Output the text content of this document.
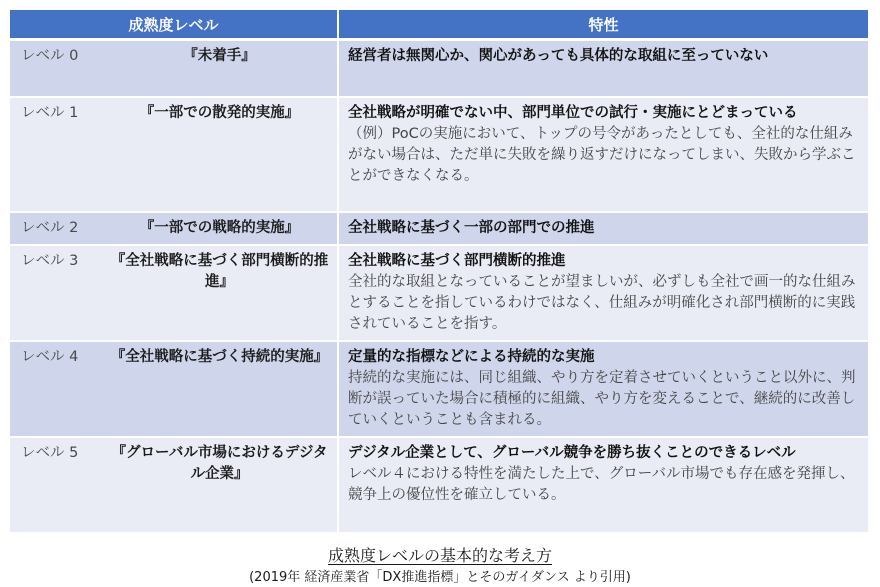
成熟度レベル		特性
レベル 0	『未着手』	経営者は無関心か、関心があっても具体的な取組に至っていない

レベル 1	『一部での散発的実施』	全社戦略が明確でない中、部門単位での試行・実施にとどまっている
（例）PoCの実施において、トップの号令があったとしても、全社的な仕組みがない場合は、ただ単に失敗を繰り返すだけになってしまい、失敗から学ぶことができなくなる。

レベル 2	『一部での戦略的実施』	全社戦略に基づく一部の部門での推進

レベル 3	『全社戦略に基づく部門横断的推進』	全社戦略に基づく部門横断的推進
全社的な取組となっていることが望ましいが、必ずしも全社で画一的な仕組みとすることを指しているわけではなく、仕組みが明確化され部門横断的に実践されていることを指す。

レベル 4	『全社戦略に基づく持続的実施』	定量的な指標などによる持続的な実施
持続的な実施には、同じ組織、やり方を定着させていくということ以外に、判断が誤っていた場合に積極的に組織、やり方を変えることで、継続的に改善していくということも含まれる。

レベル 5	『グローバル市場におけるデジタル企業』	デジタル企業として、グローバル競争を勝ち抜くことのできるレベル
レベル４における特性を満たした上で、グローバル市場でも存在感を発揮し、競争上の優位性を確立している。
成熟度レベルの基本的な考え方
(2019年 経済産業省「DX推進指標」とそのガイダンス より引用)
